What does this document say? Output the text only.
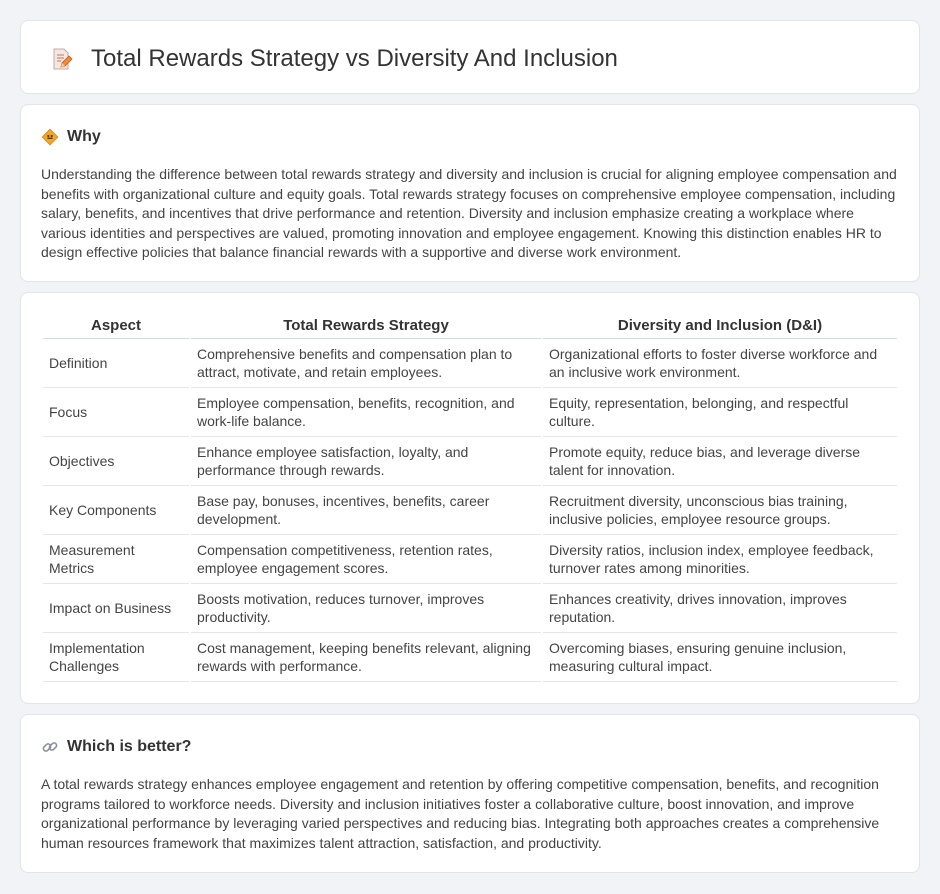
Total Rewards Strategy vs Diversity And Inclusion
Why

Understanding the difference between total rewards strategy and diversity and inclusion is crucial for aligning employee compensation and benefits with organizational culture and equity goals. Total rewards strategy focuses on comprehensive employee compensation, including salary, benefits, and incentives that drive performance and retention. Diversity and inclusion emphasize creating a workplace where various identities and perspectives are valued, promoting innovation and employee engagement. Knowing this distinction enables HR to design effective policies that balance financial rewards with a supportive and diverse work environment.

Aspect	Total Rewards Strategy	Diversity and Inclusion (D&I)
Definition	Comprehensive benefits and compensation plan to attract, motivate, and retain employees.	Organizational efforts to foster diverse workforce and an inclusive work environment.
Focus	Employee compensation, benefits, recognition, and work-life balance.	Equity, representation, belonging, and respectful culture.
Objectives	Enhance employee satisfaction, loyalty, and performance through rewards.	Promote equity, reduce bias, and leverage diverse talent for innovation.
Key Components	Base pay, bonuses, incentives, benefits, career development.	Recruitment diversity, unconscious bias training, inclusive policies, employee resource groups.
Measurement Metrics	Compensation competitiveness, retention rates, employee engagement scores.	Diversity ratios, inclusion index, employee feedback, turnover rates among minorities.
Impact on Business	Boosts motivation, reduces turnover, improves productivity.	Enhances creativity, drives innovation, improves reputation.
Implementation Challenges	Cost management, keeping benefits relevant, aligning rewards with performance.	Overcoming biases, ensuring genuine inclusion, measuring cultural impact.
Which is better?

A total rewards strategy enhances employee engagement and retention by offering competitive compensation, benefits, and recognition programs tailored to workforce needs. Diversity and inclusion initiatives foster a collaborative culture, boost innovation, and improve organizational performance by leveraging varied perspectives and reducing bias. Integrating both approaches creates a comprehensive human resources framework that maximizes talent attraction, satisfaction, and productivity.
